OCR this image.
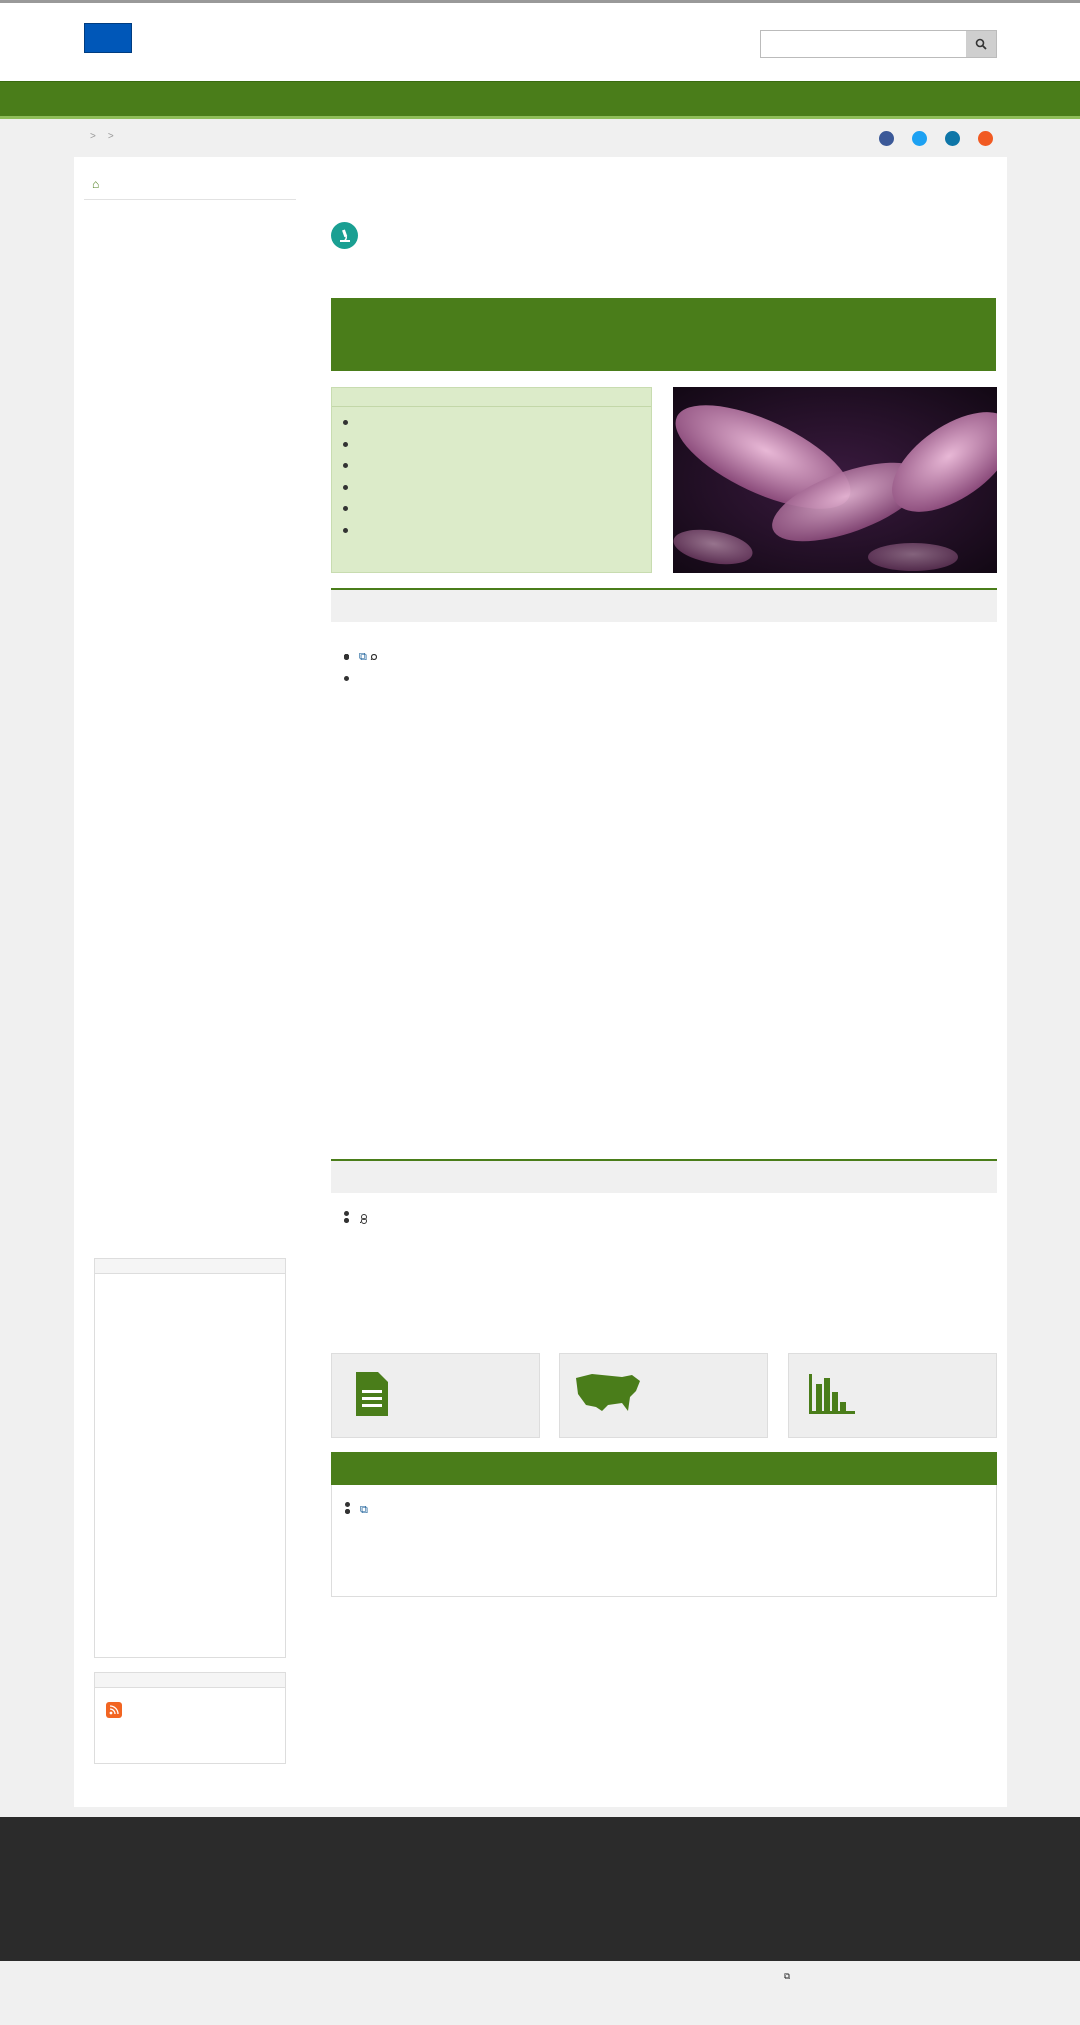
> >
⌂
⧉ .
.
⧉
⧉
